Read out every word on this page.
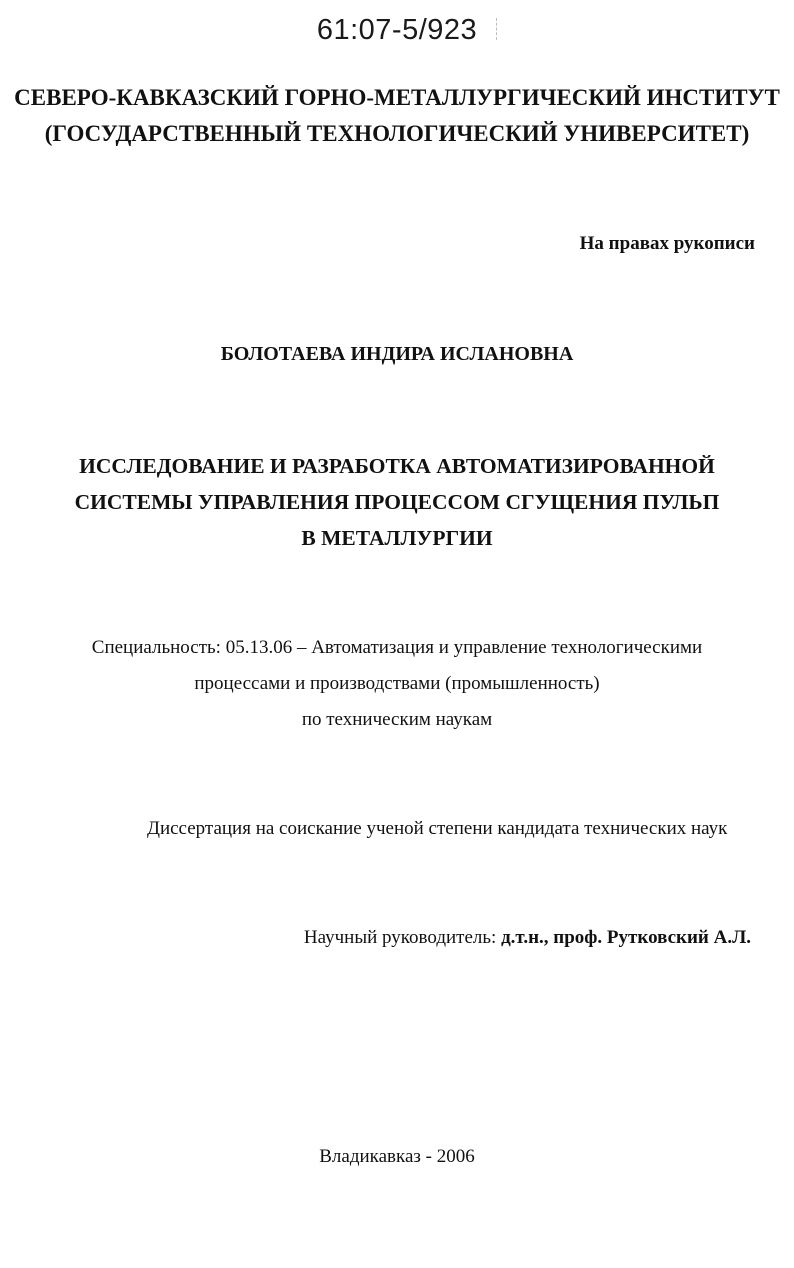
61:07-5/923
СЕВЕРО-КАВКАЗСКИЙ ГОРНО-МЕТАЛЛУРГИЧЕСКИЙ ИНСТИТУТ
(ГОСУДАРСТВЕННЫЙ ТЕХНОЛОГИЧЕСКИЙ УНИВЕРСИТЕТ)
На правах рукописи
БОЛОТАЕВА ИНДИРА ИСЛАНОВНА
ИССЛЕДОВАНИЕ И РАЗРАБОТКА АВТОМАТИЗИРОВАННОЙ
СИСТЕМЫ УПРАВЛЕНИЯ ПРОЦЕССОМ СГУЩЕНИЯ ПУЛЬП
В МЕТАЛЛУРГИИ
Специальность: 05.13.06 – Автоматизация и управление технологическими
процессами и производствами (промышленность)
по техническим наукам
Диссертация на соискание ученой степени кандидата технических наук
Научный руководитель: д.т.н., проф. Рутковский А.Л.
Владикавказ - 2006
